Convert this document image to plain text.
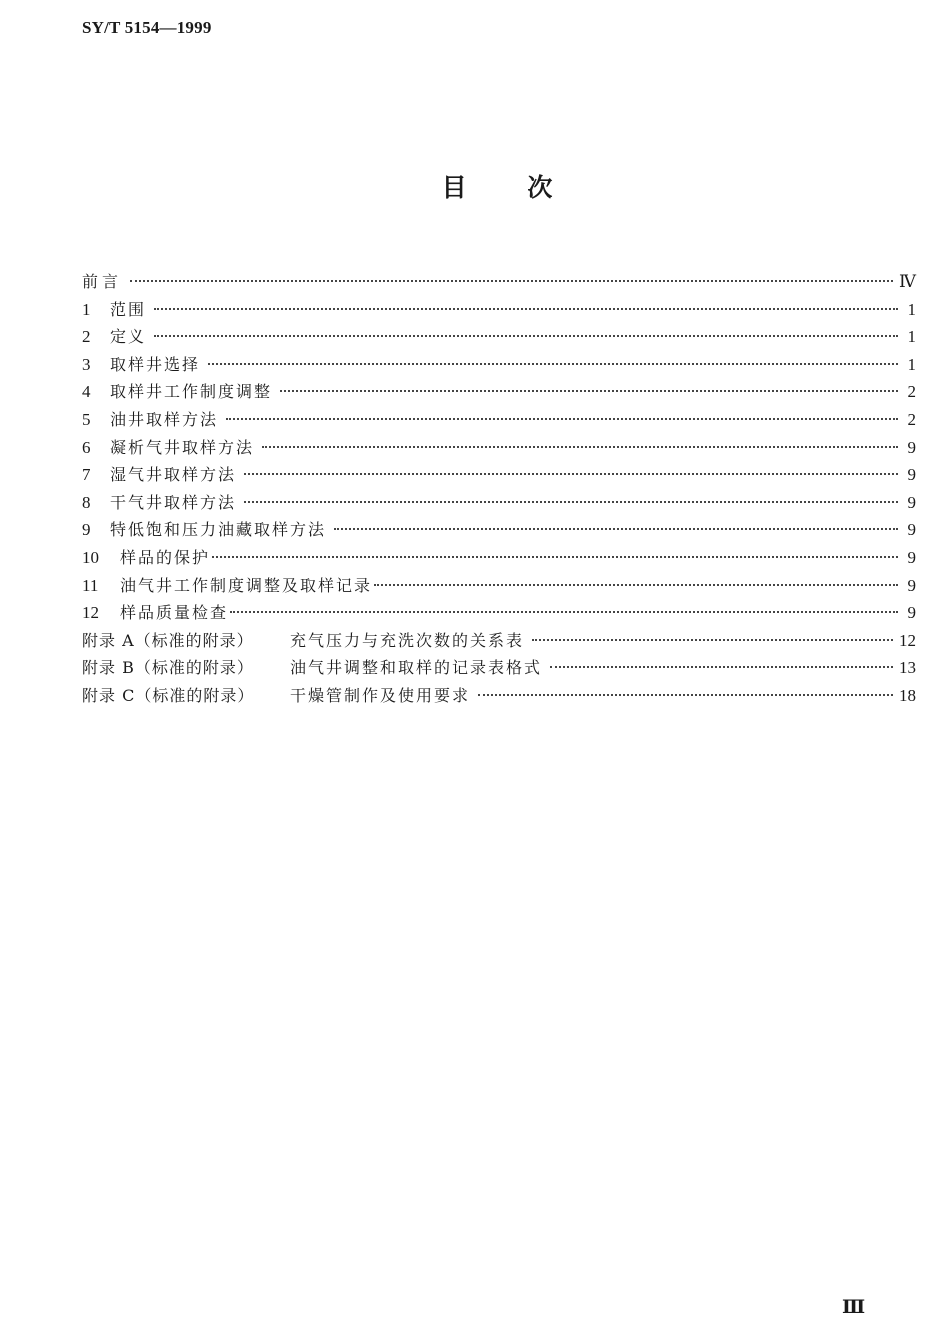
SY/T 5154—1999
目 次
前言	Ⅳ
1	范围	1
2	定义	1
3	取样井选择	1
4	取样井工作制度调整	2
5	油井取样方法	2
6	凝析气井取样方法	9
7	湿气井取样方法	9
8	干气井取样方法	9
9	特低饱和压力油藏取样方法	9
10	样品的保护	9
11	油气井工作制度调整及取样记录	9
12	样品质量检查	9
附录 A（标准的附录）	充气压力与充洗次数的关系表	12
附录 B（标准的附录）	油气井调整和取样的记录表格式	13
附录 C（标准的附录）	干燥管制作及使用要求	18
Ⅲ
